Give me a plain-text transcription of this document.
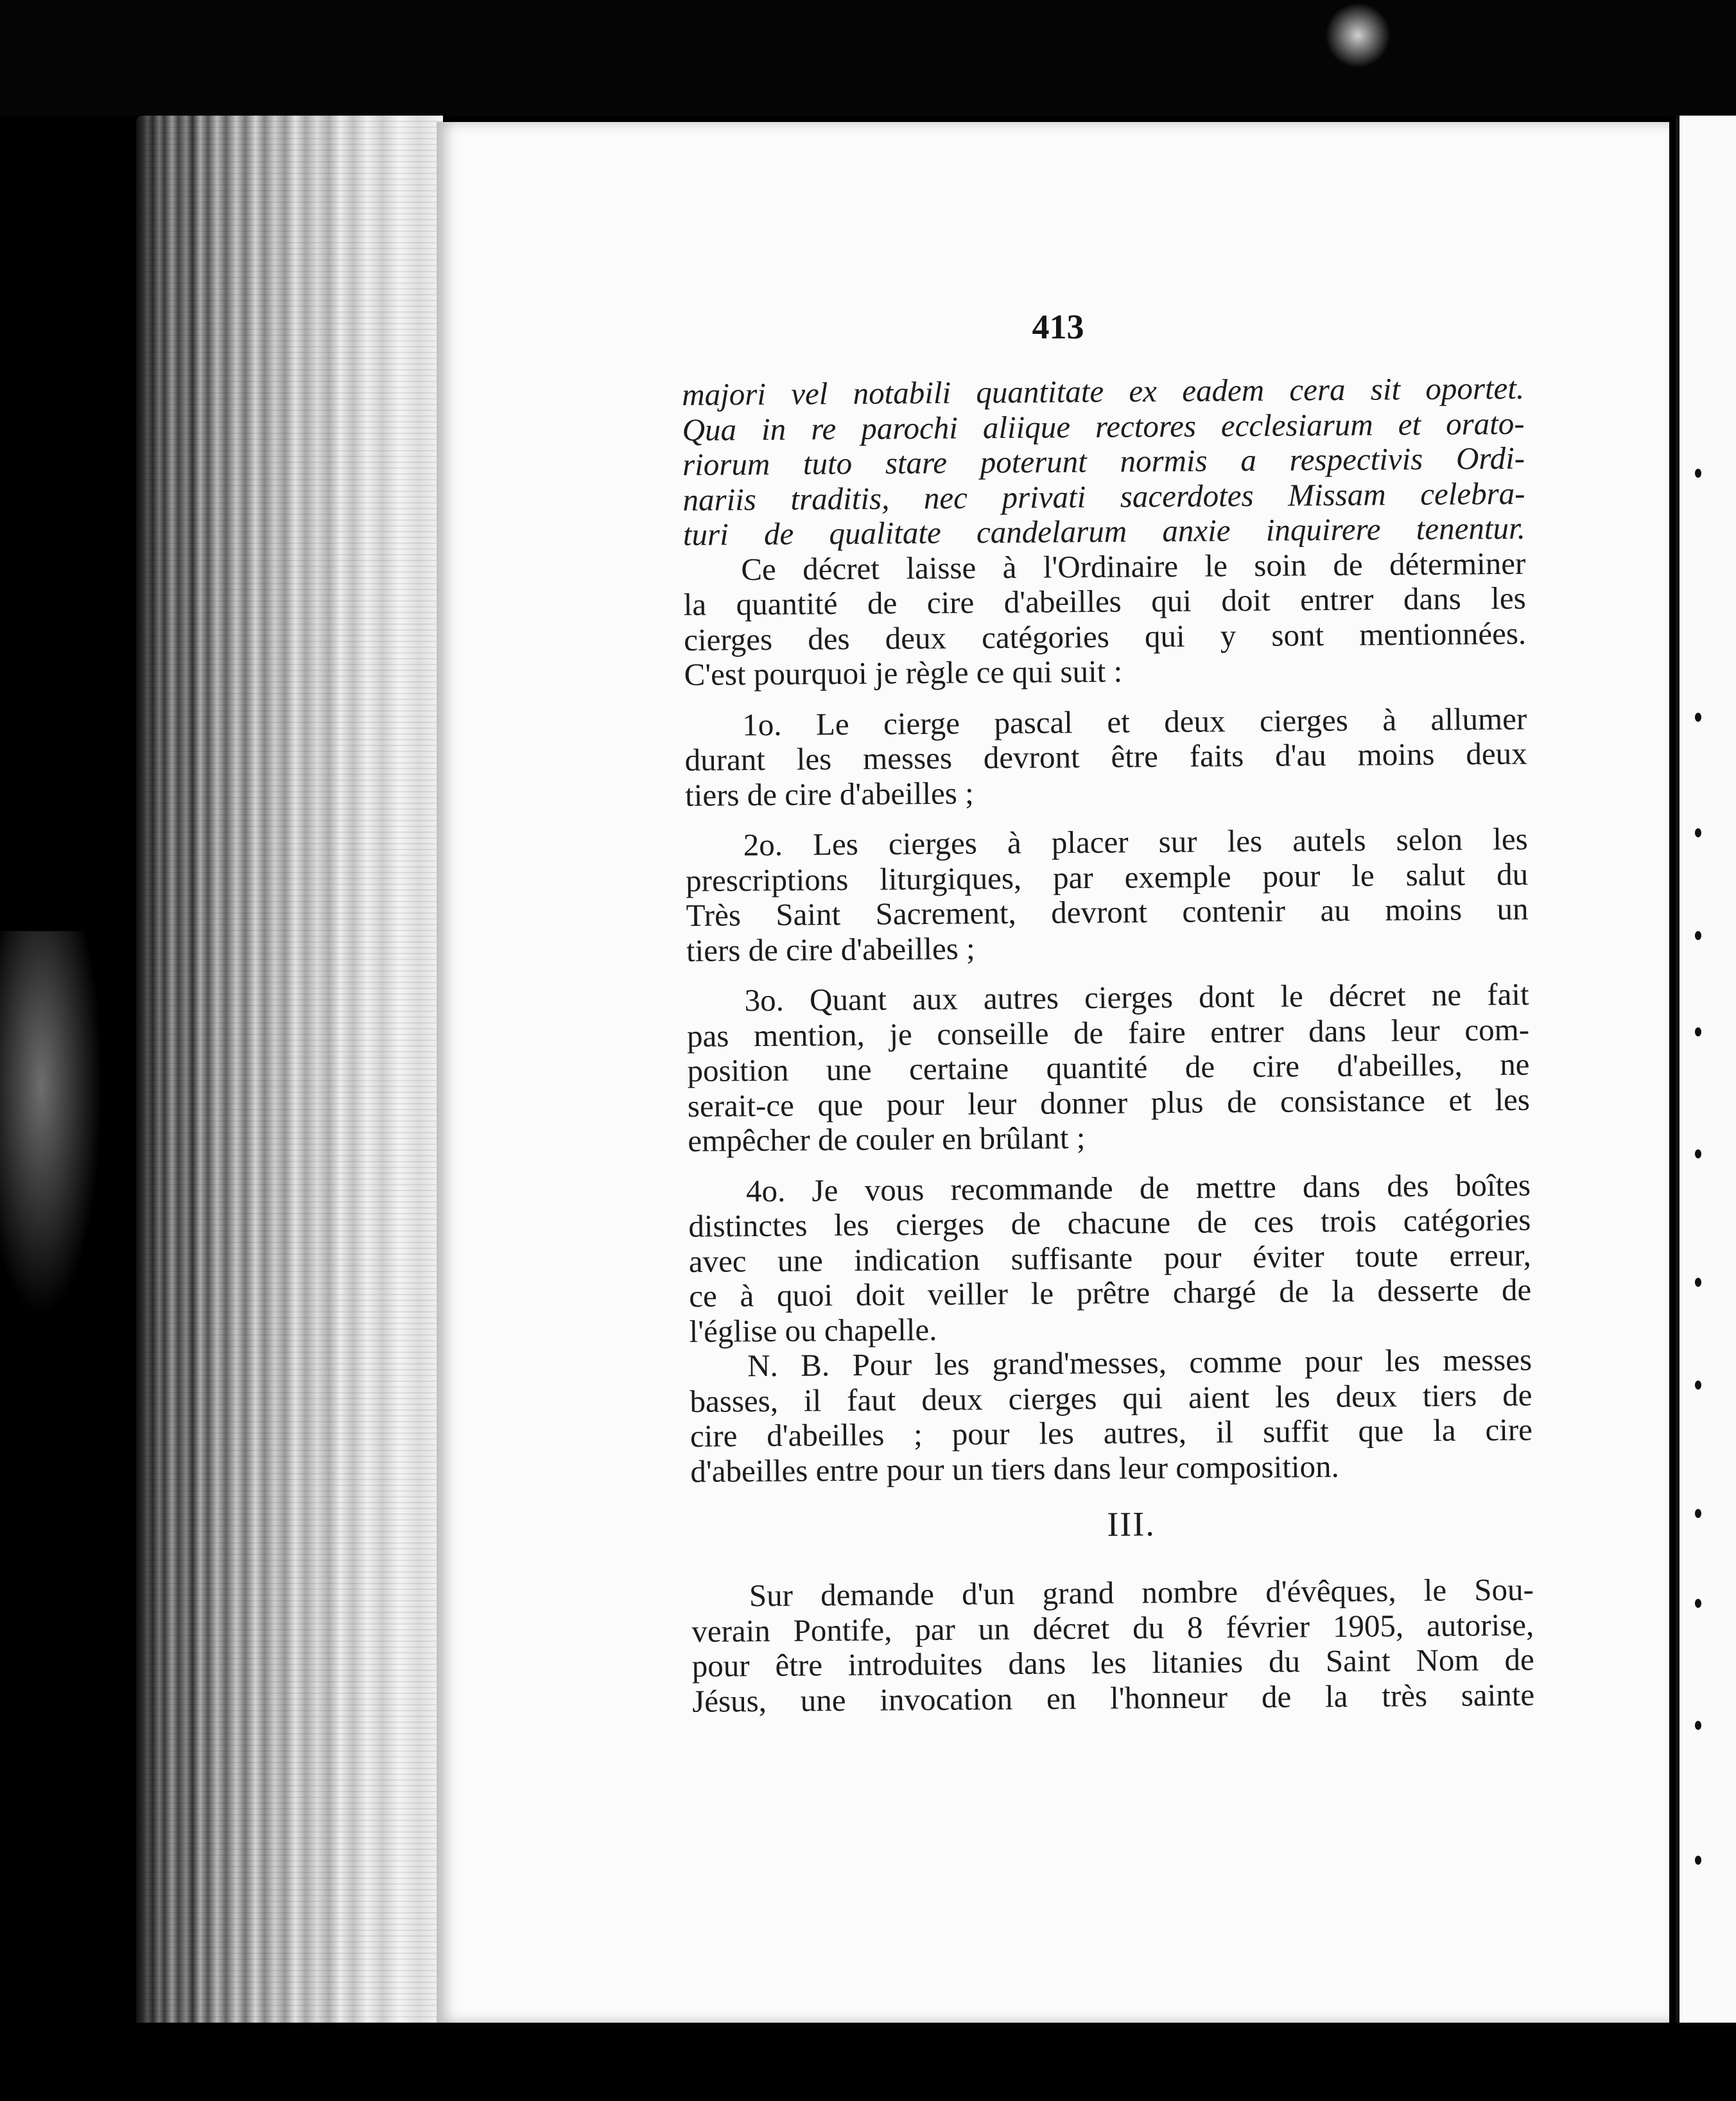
413
majori vel notabili quantitate ex eadem cera sit oportet.
Qua in re parochi aliique rectores ecclesiarum et orato-
riorum tuto stare poterunt normis a respectivis Ordi-
nariis traditis, nec privati sacerdotes Missam celebra-
turi de qualitate candelarum anxie inquirere tenentur.
Ce décret laisse à l'Ordinaire le soin de déterminer
la quantité de cire d'abeilles qui doit entrer dans les
cierges des deux catégories qui y sont mentionnées.
C'est pourquoi je règle ce qui suit :
1o. Le cierge pascal et deux cierges à allumer
durant les messes devront être faits d'au moins deux
tiers de cire d'abeilles ;
2o. Les cierges à placer sur les autels selon les
prescriptions liturgiques, par exemple pour le salut du
Très Saint Sacrement, devront contenir au moins un
tiers de cire d'abeilles ;
3o. Quant aux autres cierges dont le décret ne fait
pas mention, je conseille de faire entrer dans leur com-
position une certaine quantité de cire d'abeilles, ne
serait-ce que pour leur donner plus de consistance et les
empêcher de couler en brûlant ;
4o. Je vous recommande de mettre dans des boîtes
distinctes les cierges de chacune de ces trois catégories
avec une indication suffisante pour éviter toute erreur,
ce à quoi doit veiller le prêtre chargé de la desserte de
l'église ou chapelle.
N. B. Pour les grand'messes, comme pour les messes
basses, il faut deux cierges qui aient les deux tiers de
cire d'abeilles ; pour les autres, il suffit que la cire
d'abeilles entre pour un tiers dans leur composition.
III.
Sur demande d'un grand nombre d'évêques, le Sou-
verain Pontife, par un décret du 8 février 1905, autorise,
pour être introduites dans les litanies du Saint Nom de
Jésus, une invocation en l'honneur de la très sainte
